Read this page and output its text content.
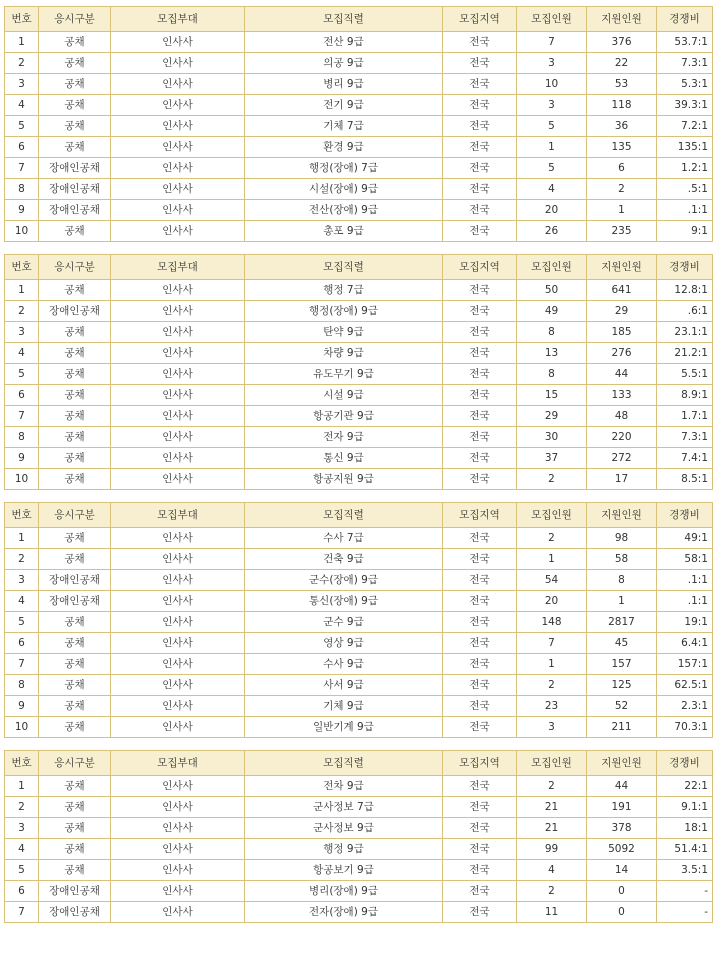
번호	응시구분	모집부대	모집직렬	모집지역	모집인원	지원인원	경쟁비
1	공채	인사사	전산 9급	전국	7	376	53.7:1
2	공채	인사사	의공 9급	전국	3	22	7.3:1
3	공채	인사사	병리 9급	전국	10	53	5.3:1
4	공채	인사사	전기 9급	전국	3	118	39.3:1
5	공채	인사사	기체 7급	전국	5	36	7.2:1
6	공채	인사사	환경 9급	전국	1	135	135:1
7	장애인공채	인사사	행정(장애) 7급	전국	5	6	1.2:1
8	장애인공채	인사사	시설(장애) 9급	전국	4	2	.5:1
9	장애인공채	인사사	전산(장애) 9급	전국	20	1	.1:1
10	공채	인사사	총포 9급	전국	26	235	9:1
번호	응시구분	모집부대	모집직렬	모집지역	모집인원	지원인원	경쟁비
1	공채	인사사	행정 7급	전국	50	641	12.8:1
2	장애인공채	인사사	행정(장애) 9급	전국	49	29	.6:1
3	공채	인사사	탄약 9급	전국	8	185	23.1:1
4	공채	인사사	차량 9급	전국	13	276	21.2:1
5	공채	인사사	유도무기 9급	전국	8	44	5.5:1
6	공채	인사사	시설 9급	전국	15	133	8.9:1
7	공채	인사사	항공기관 9급	전국	29	48	1.7:1
8	공채	인사사	전자 9급	전국	30	220	7.3:1
9	공채	인사사	통신 9급	전국	37	272	7.4:1
10	공채	인사사	항공지원 9급	전국	2	17	8.5:1
번호	응시구분	모집부대	모집직렬	모집지역	모집인원	지원인원	경쟁비
1	공채	인사사	수사 7급	전국	2	98	49:1
2	공채	인사사	건축 9급	전국	1	58	58:1
3	장애인공채	인사사	군수(장애) 9급	전국	54	8	.1:1
4	장애인공채	인사사	통신(장애) 9급	전국	20	1	.1:1
5	공채	인사사	군수 9급	전국	148	2817	19:1
6	공채	인사사	영상 9급	전국	7	45	6.4:1
7	공채	인사사	수사 9급	전국	1	157	157:1
8	공채	인사사	사서 9급	전국	2	125	62.5:1
9	공채	인사사	기체 9급	전국	23	52	2.3:1
10	공채	인사사	일반기계 9급	전국	3	211	70.3:1
번호	응시구분	모집부대	모집직렬	모집지역	모집인원	지원인원	경쟁비
1	공채	인사사	전차 9급	전국	2	44	22:1
2	공채	인사사	군사정보 7급	전국	21	191	9.1:1
3	공채	인사사	군사정보 9급	전국	21	378	18:1
4	공채	인사사	행정 9급	전국	99	5092	51.4:1
5	공채	인사사	항공보기 9급	전국	4	14	3.5:1
6	장애인공채	인사사	병리(장애) 9급	전국	2	0	-
7	장애인공채	인사사	전자(장애) 9급	전국	11	0	-
